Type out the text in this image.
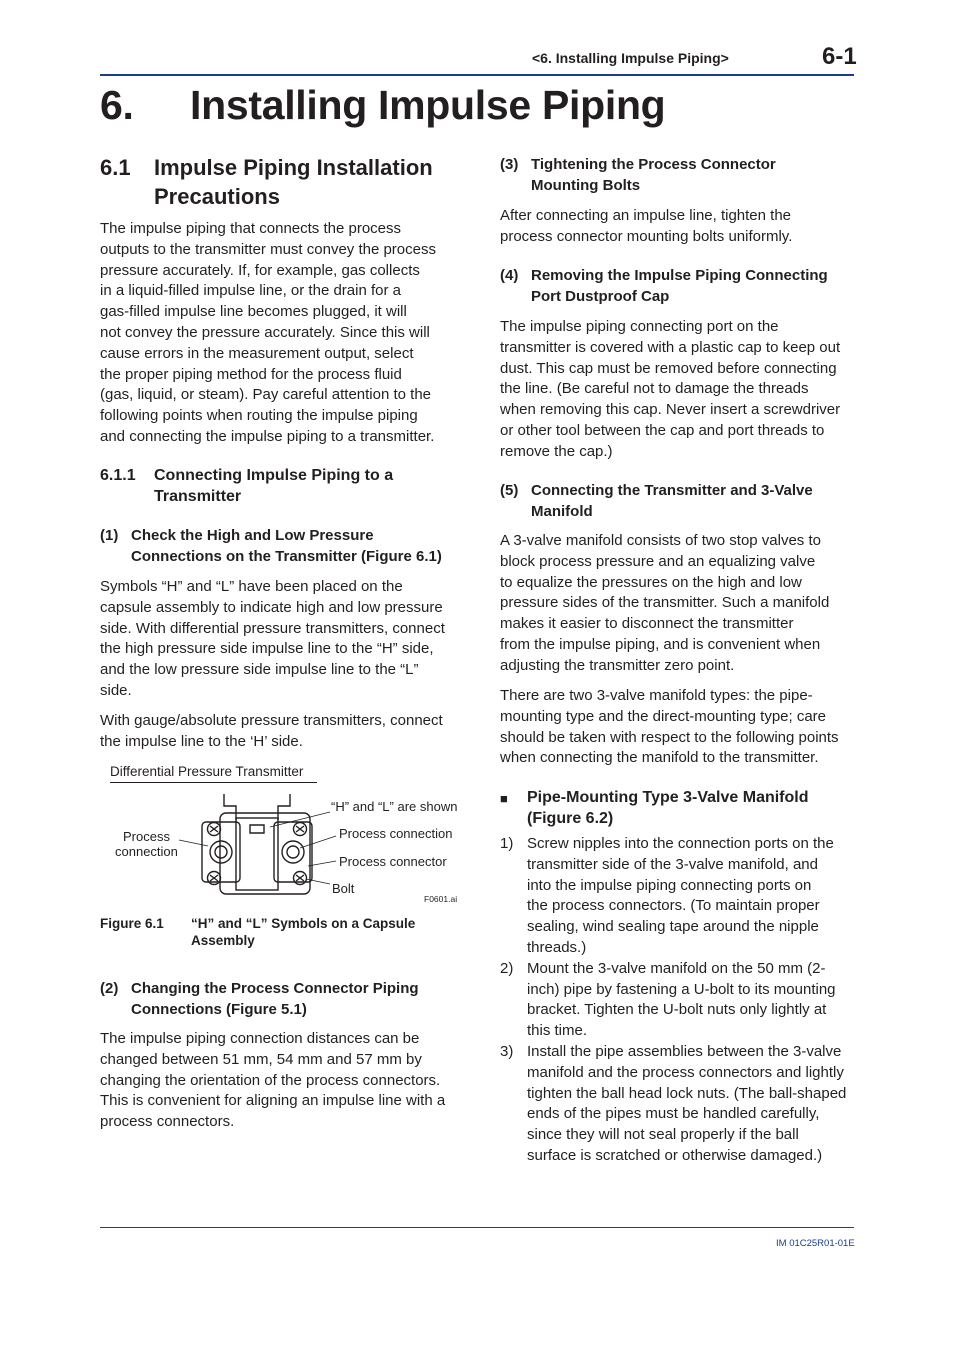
<6. Installing Impulse Piping>	6-1
6. Installing Impulse Piping
6.1 Impulse Piping Installation
Precautions
The impulse piping that connects the process
outputs to the transmitter must convey the process
pressure accurately. If, for example, gas collects
in a liquid-filled impulse line, or the drain for a
gas-filled impulse line becomes plugged, it will
not convey the pressure accurately. Since this will
cause errors in the measurement output, select
the proper piping method for the process fluid
(gas, liquid, or steam). Pay careful attention to the
following points when routing the impulse piping
and connecting the impulse piping to a transmitter.
6.1.1 Connecting Impulse Piping to a
Transmitter
(1) Check the High and Low Pressure
Connections on the Transmitter (Figure 6.1)
Symbols “H” and “L” have been placed on the
capsule assembly to indicate high and low pressure
side. With differential pressure transmitters, connect
the high pressure side impulse line to the “H” side,
and the low pressure side impulse line to the “L”
side.
With gauge/absolute pressure transmitters, connect
the impulse line to the ‘H’ side.
Differential Pressure Transmitter
Process
connection
“H” and “L” are shown
Process connection
Process connector
Bolt
F0601.ai
Figure 6.1 “H” and “L” Symbols on a Capsule
Assembly
(2) Changing the Process Connector Piping
Connections (Figure 5.1)
The impulse piping connection distances can be
changed between 51 mm, 54 mm and 57 mm by
changing the orientation of the process connectors.
This is convenient for aligning an impulse line with a
process connectors.
(3) Tightening the Process Connector
Mounting Bolts
After connecting an impulse line, tighten the
process connector mounting bolts uniformly.
(4) Removing the Impulse Piping Connecting
Port Dustproof Cap
The impulse piping connecting port on the
transmitter is covered with a plastic cap to keep out
dust. This cap must be removed before connecting
the line. (Be careful not to damage the threads
when removing this cap. Never insert a screwdriver
or other tool between the cap and port threads to
remove the cap.)
(5) Connecting the Transmitter and 3-Valve
Manifold
A 3-valve manifold consists of two stop valves to
block process pressure and an equalizing valve
to equalize the pressures on the high and low
pressure sides of the transmitter. Such a manifold
makes it easier to disconnect the transmitter
from the impulse piping, and is convenient when
adjusting the transmitter zero point.
There are two 3-valve manifold types: the pipe-
mounting type and the direct-mounting type; care
should be taken with respect to the following points
when connecting the manifold to the transmitter.
■ Pipe-Mounting Type 3-Valve Manifold
(Figure 6.2)
1) Screw nipples into the connection ports on the
transmitter side of the 3-valve manifold, and
into the impulse piping connecting ports on
the process connectors. (To maintain proper
sealing, wind sealing tape around the nipple
threads.)
2) Mount the 3-valve manifold on the 50 mm (2-
inch) pipe by fastening a U-bolt to its mounting
bracket. Tighten the U-bolt nuts only lightly at
this time.
3) Install the pipe assemblies between the 3-valve
manifold and the process connectors and lightly
tighten the ball head lock nuts. (The ball-shaped
ends of the pipes must be handled carefully,
since they will not seal properly if the ball
surface is scratched or otherwise damaged.)
IM 01C25R01-01E
